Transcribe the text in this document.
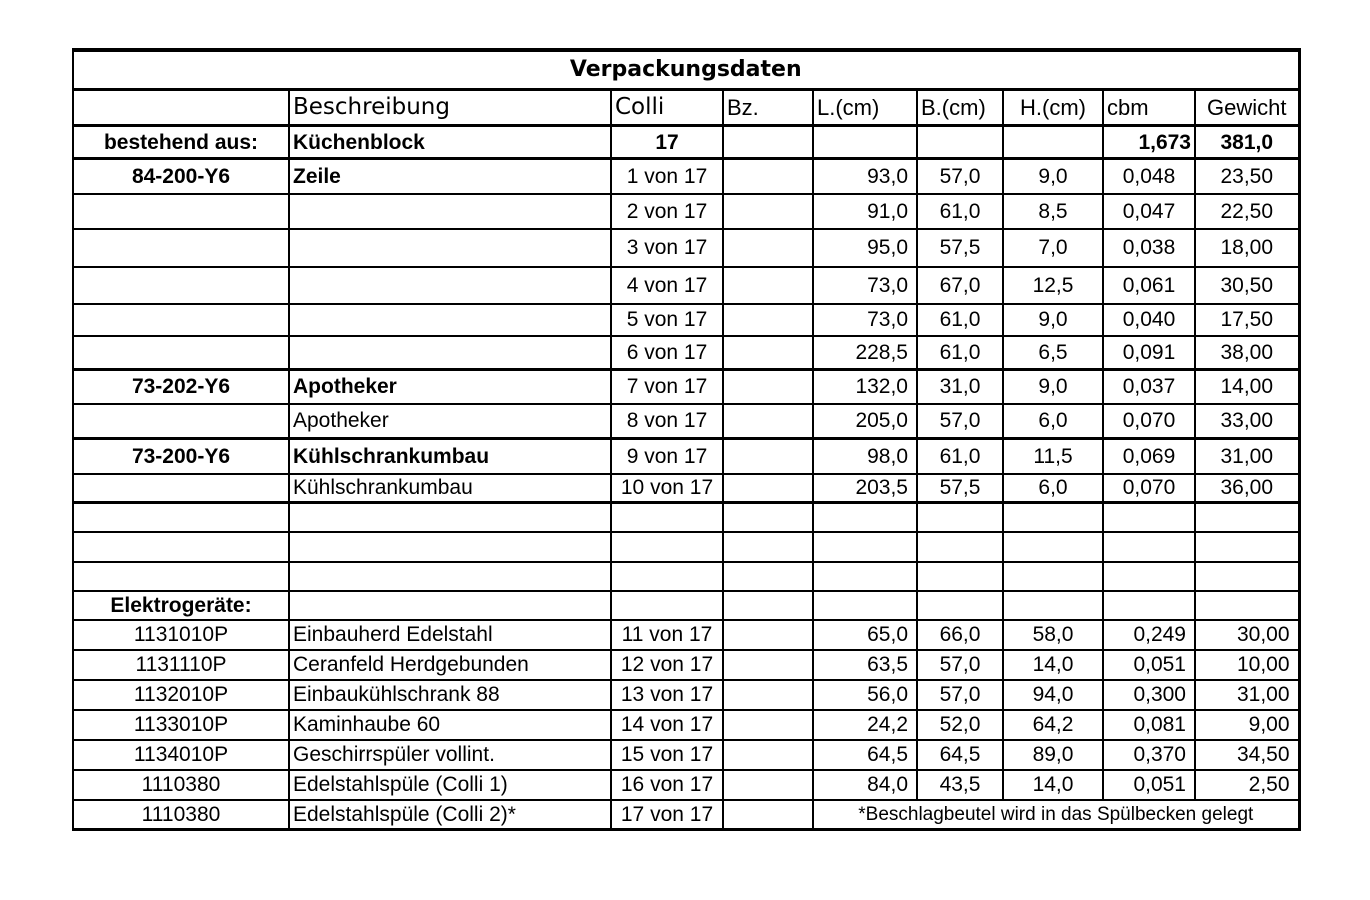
Verpackungsdaten								
	Beschreibung	Colli	Bz.	L.(cm)	B.(cm)	H.(cm)	cbm	Gewicht
bestehend aus:	Küchenblock	17					1,673	381,0
84-200-Y6	Zeile	1 von 17		93,0	57,0	9,0	0,048	23,50
		2 von 17		91,0	61,0	8,5	0,047	22,50
		3 von 17		95,0	57,5	7,0	0,038	18,00
		4 von 17		73,0	67,0	12,5	0,061	30,50
		5 von 17		73,0	61,0	9,0	0,040	17,50
		6 von 17		228,5	61,0	6,5	0,091	38,00
73-202-Y6	Apotheker	7 von 17		132,0	31,0	9,0	0,037	14,00
	Apotheker	8 von 17		205,0	57,0	6,0	0,070	33,00
73-200-Y6	Kühlschrankumbau	9 von 17		98,0	61,0	11,5	0,069	31,00
	Kühlschrankumbau	10 von 17		203,5	57,5	6,0	0,070	36,00

Elektrogeräte:								
1131010P	Einbauherd Edelstahl	11 von 17		65,0	66,0	58,0	0,249	30,00
1131110P	Ceranfeld Herdgebunden	12 von 17		63,5	57,0	14,0	0,051	10,00
1132010P	Einbaukühlschrank 88	13 von 17		56,0	57,0	94,0	0,300	31,00
1133010P	Kaminhaube 60	14 von 17		24,2	52,0	64,2	0,081	9,00
1134010P	Geschirrspüler vollint.	15 von 17		64,5	64,5	89,0	0,370	34,50
1110380	Edelstahlspüle (Colli 1)	16 von 17		84,0	43,5	14,0	0,051	2,50
1110380	Edelstahlspüle (Colli 2)*	17 von 17		*Beschlagbeutel wird in das Spülbecken gelegt				
